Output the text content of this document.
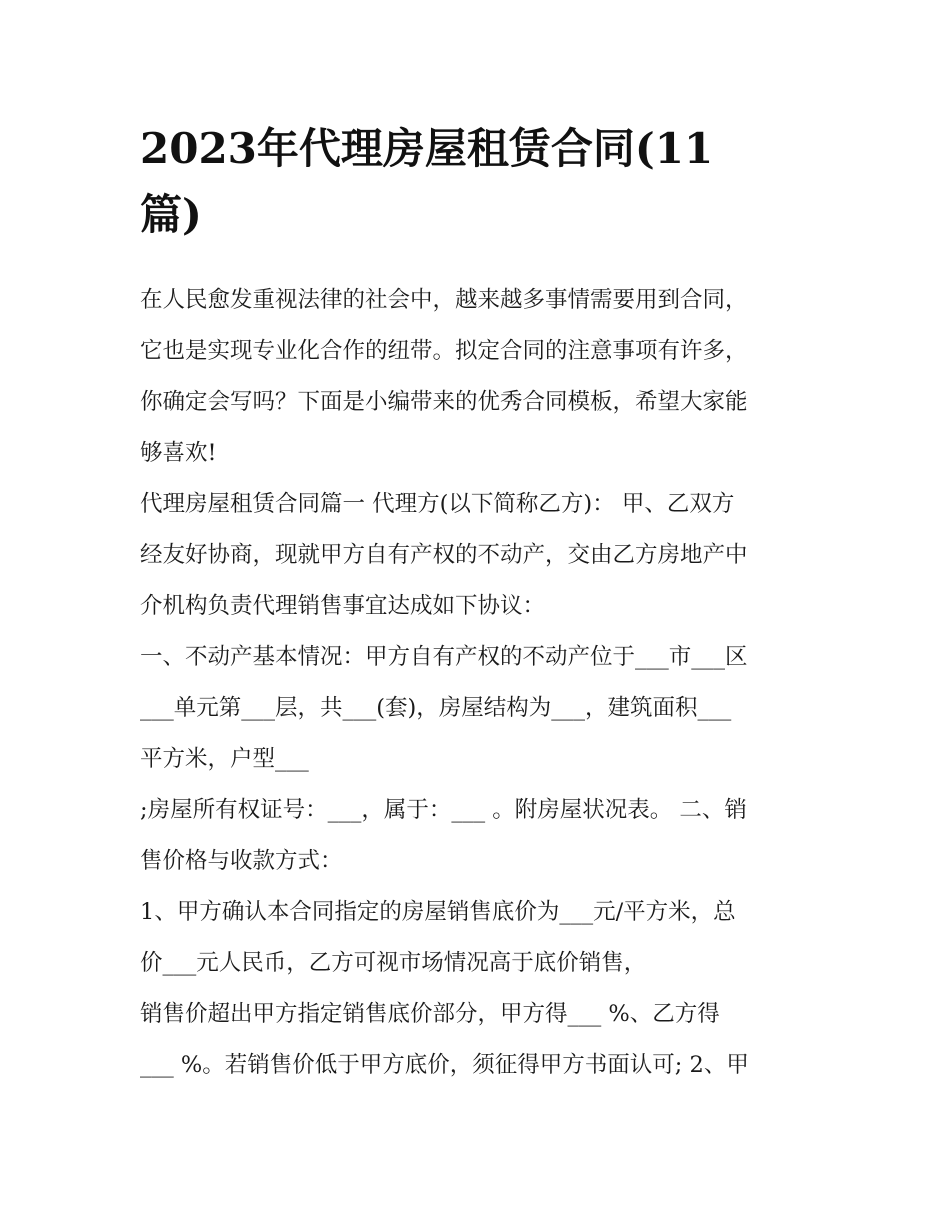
2023年代理房屋租赁合同(11
篇)
在人民愈发重视法律的社会中，越来越多事情需要用到合同，
它也是实现专业化合作的纽带。拟定合同的注意事项有许多，
你确定会写吗？下面是小编带来的优秀合同模板，希望大家能
够喜欢!
代理房屋租赁合同篇一 代理方(以下简称乙方)： 甲、乙双方
经友好协商，现就甲方自有产权的不动产，交由乙方房地产中
介机构负责代理销售事宜达成如下协议：
一、不动产基本情况：甲方自有产权的不动产位于___市___区
___单元第___层，共___(套)，房屋结构为___，建筑面积___
平方米，户型___
;房屋所有权证号：___，属于：___ 。附房屋状况表。 二、销
售价格与收款方式：
1、甲方确认本合同指定的房屋销售底价为___元/平方米，总
价___元人民币，乙方可视市场情况高于底价销售，
销售价超出甲方指定销售底价部分，甲方得___ %、乙方得
___ %。若销售价低于甲方底价，须征得甲方书面认可; 2、甲
